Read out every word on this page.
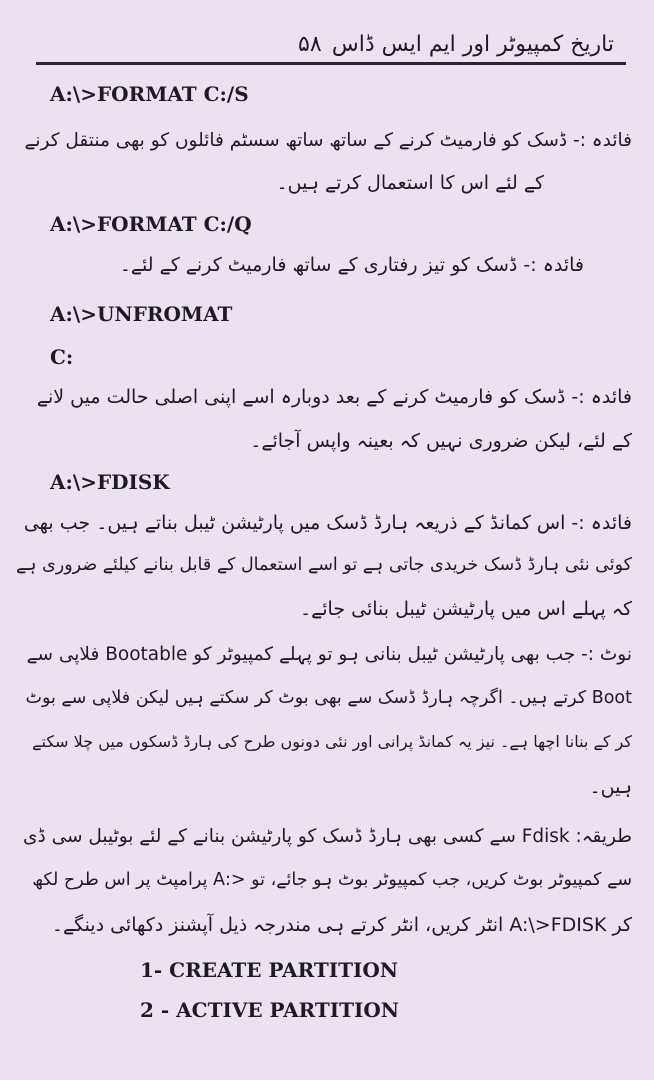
تاریخ کمپیوٹر اور ایم ایس ڈاس
۵۸
A:\>FORMAT C:/S
فائدہ :- ڈسک کو فارمیٹ کرنے کے ساتھ ساتھ سسٹم فائلوں کو بھی منتقل کرنے
کے لئے اس کا استعمال کرتے ہیں۔
A:\>FORMAT C:/Q
فائدہ :- ڈسک کو تیز رفتاری کے ساتھ فارمیٹ کرنے کے لئے۔
A:\>UNFROMAT
C:
فائدہ :- ڈسک کو فارمیٹ کرنے کے بعد دوبارہ اسے اپنی اصلی حالت میں لانے
کے لئے، لیکن ضروری نہیں کہ بعینہ واپس آجائے۔
A:\>FDISK
فائدہ :- اس کمانڈ کے ذریعہ ہارڈ ڈسک میں پارٹیشن ٹیبل بناتے ہیں۔ جب بھی
کوئی نئی ہارڈ ڈسک خریدی جاتی ہے تو اسے استعمال کے قابل بنانے کیلئے ضروری ہے
کہ پہلے اس میں پارٹیشن ٹیبل بنائی جائے۔
نوٹ :- جب بھی پارٹیشن ٹیبل بنانی ہو تو پہلے کمپیوٹر کو Bootable فلاپی سے
Boot کرتے ہیں۔ اگرچہ ہارڈ ڈسک سے بھی بوٹ کر سکتے ہیں لیکن فلاپی سے بوٹ
کر کے بنانا اچھا ہے۔ نیز یہ کمانڈ پرانی اور نئی دونوں طرح کی ہارڈ ڈسکوں میں چلا سکتے
ہیں۔
طریقہ: Fdisk سے کسی بھی ہارڈ ڈسک کو پارٹیشن بنانے کے لئے بوٹیبل سی ڈی
سے کمپیوٹر بوٹ کریں، جب کمپیوٹر بوٹ ہو جائے، تو <:A پرامپٹ پر اس طرح لکھ
کر A:\>FDISK انٹر کریں، انٹر کرتے ہی مندرجہ ذیل آپشنز دکھائی دینگے۔
1- CREATE PARTITION
2 - ACTIVE PARTITION
